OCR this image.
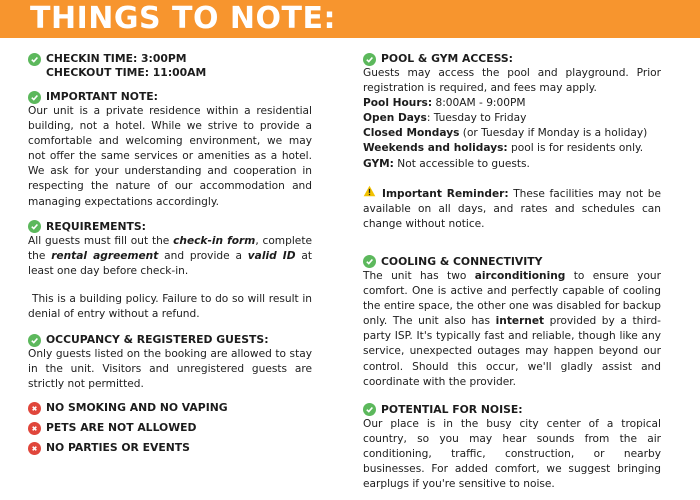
THINGS TO NOTE:
CHECKIN TIME: 3:00PM
CHECKOUT TIME: 11:00AM
IMPORTANT NOTE:
Our unit is a private residence within a residential building, not a hotel. While we strive to provide a comfortable and welcoming environment, we may not offer the same services or amenities as a hotel. We ask for your understanding and cooperation in respecting the nature of our accommodation and managing expectations accordingly.
REQUIREMENTS:
All guests must fill out the check-in form, complete the rental agreement and provide a valid ID at least one day before check-in.
This is a building policy. Failure to do so will result in denial of entry without a refund.
OCCUPANCY & REGISTERED GUESTS:
Only guests listed on the booking are allowed to stay in the unit. Visitors and unregistered guests are strictly not permitted.
NO SMOKING AND NO VAPING
PETS ARE NOT ALLOWED
NO PARTIES OR EVENTS
POOL & GYM ACCESS:
Guests may access the pool and playground. Prior registration is required, and fees may apply.
Pool Hours: 8:00AM - 9:00PM
Open Days: Tuesday to Friday
Closed Mondays (or Tuesday if Monday is a holiday)
Weekends and holidays: pool is for residents only.
GYM: Not accessible to guests.
Important Reminder: These facilities may not be available on all days, and rates and schedules can change without notice.
COOLING & CONNECTIVITY
The unit has two airconditioning to ensure your comfort. One is active and perfectly capable of cooling the entire space, the other one was disabled for backup only. The unit also has internet provided by a third-party ISP. It's typically fast and reliable, though like any service, unexpected outages may happen beyond our control. Should this occur, we'll gladly assist and coordinate with the provider.
POTENTIAL FOR NOISE:
Our place is in the busy city center of a tropical country, so you may hear sounds from the air conditioning, traffic, construction, or nearby businesses. For added comfort, we suggest bringing earplugs if you're sensitive to noise.
